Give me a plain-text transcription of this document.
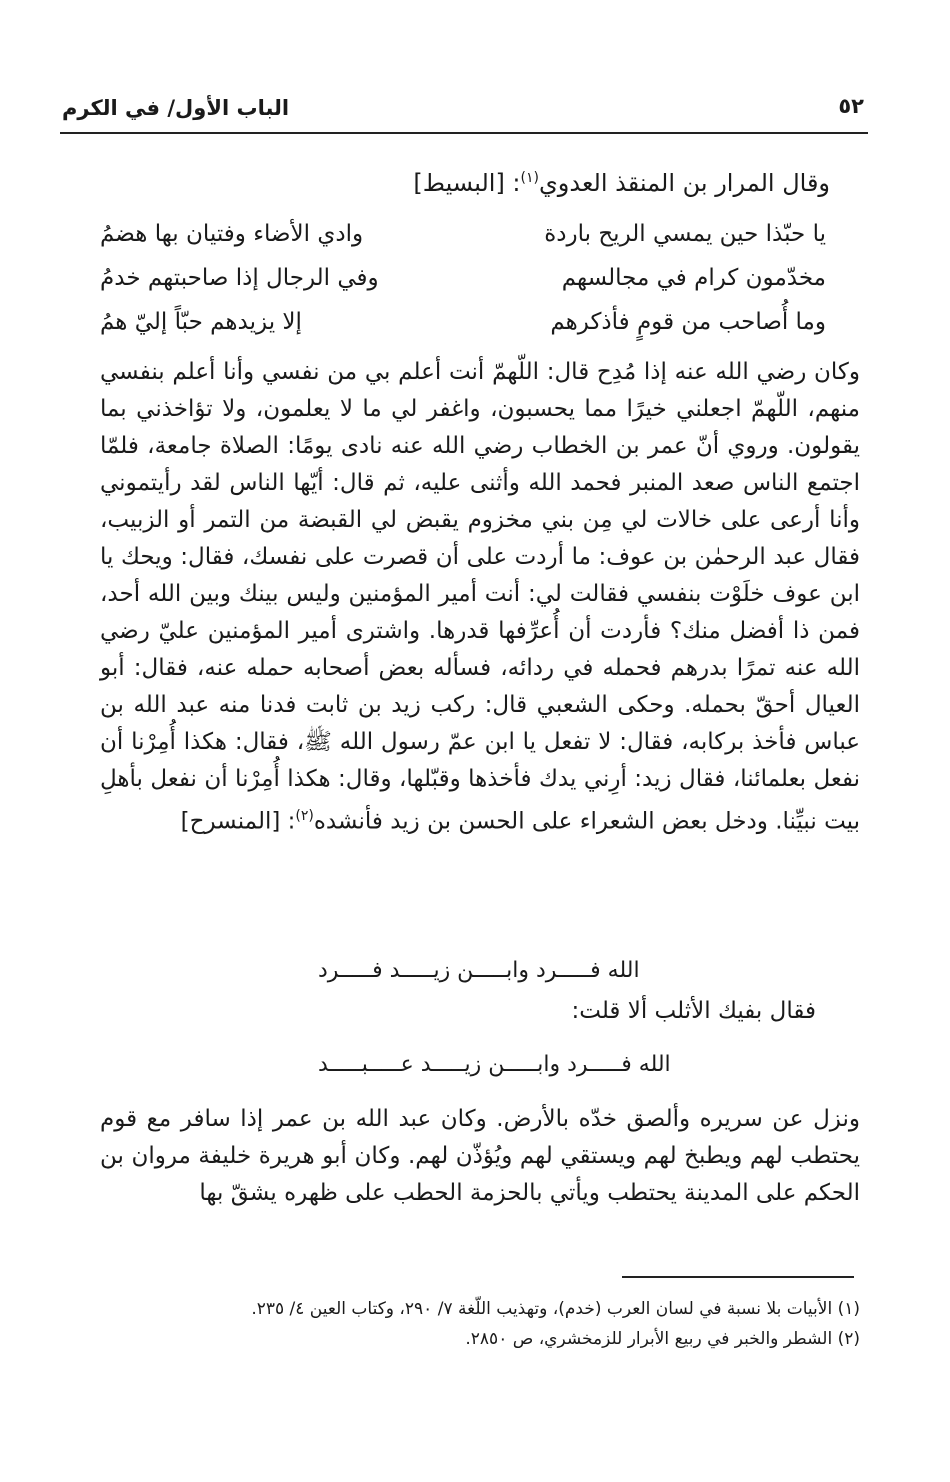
الباب الأول/ في الكرم	٥٢
وقال المرار بن المنقذ العدوي$^{(١)}$: [البسيط]
يا حبّذا حين يمسي الريح باردة
وادي الأضاء وفتيان بها هضمُ
مخدّمون كرام في مجالسهم
وفي الرجال إذا صاحبتهم خدمُ
وما أُصاحب من قومٍ فأذكرهم
إلا يزيدهم حبّاً إليّ همُ
وكان رضي الله عنه إذا مُدِح قال: اللّهمّ أنت أعلم بي من نفسي وأنا أعلم بنفسي منهم، اللّهمّ اجعلني خيرًا مما يحسبون، واغفر لي ما لا يعلمون، ولا تؤاخذني بما يقولون. وروي أنّ عمر بن الخطاب رضي الله عنه نادى يومًا: الصلاة جامعة، فلمّا اجتمع الناس صعد المنبر فحمد الله وأثنى عليه، ثم قال: أيّها الناس لقد رأيتموني وأنا أرعى على خالات لي مِن بني مخزوم يقبض لي القبضة من التمر أو الزبيب، فقال عبد الرحمٰن بن عوف: ما أردت على أن قصرت على نفسك، فقال: ويحك يا ابن عوف خلَوْت بنفسي فقالت لي: أنت أمير المؤمنين وليس بينك وبين الله أحد، فمن ذا أفضل منك؟ فأردت أن أُعرِّفها قدرها. واشترى أمير المؤمنين عليّ رضي الله عنه تمرًا بدرهم فحمله في ردائه، فسأله بعض أصحابه حمله عنه، فقال: أبو العيال أحقّ بحمله. وحكى الشعبي قال: ركب زيد بن ثابت فدنا منه عبد الله بن عباس فأخذ بركابه، فقال: لا تفعل يا ابن عمّ رسول الله ﷺ، فقال: هكذا أُمِرْنا أن نفعل بعلمائنا، فقال زيد: أرِني يدك فأخذها وقبّلها، وقال: هكذا أُمِرْنا أن نفعل بأهلِ بيت نبيِّنا. ودخل بعض الشعراء على الحسن بن زيد فأنشده$^{(٢)}$: [المنسرح]
الله فـــــرد وابـــــن زيـــــد فـــــرد
فقال بفيك الأثلب ألا قلت:
الله فـــــرد وابـــــن زيـــــد عـــــبـــــد
ونزل عن سريره وألصق خدّه بالأرض. وكان عبد الله بن عمر إذا سافر مع قوم يحتطب لهم ويطبخ لهم ويستقي لهم ويُؤذّن لهم. وكان أبو هريرة خليفة مروان بن الحكم على المدينة يحتطب ويأتي بالحزمة الحطب على ظهره يشقّ بها
(١) الأبيات بلا نسبة في لسان العرب (خدم)، وتهذيب اللّغة ٧/ ٢٩٠، وكتاب العين ٤/ ٢٣٥.
(٢) الشطر والخبر في ربيع الأبرار للزمخشري، ص ٢٨٥٠.
